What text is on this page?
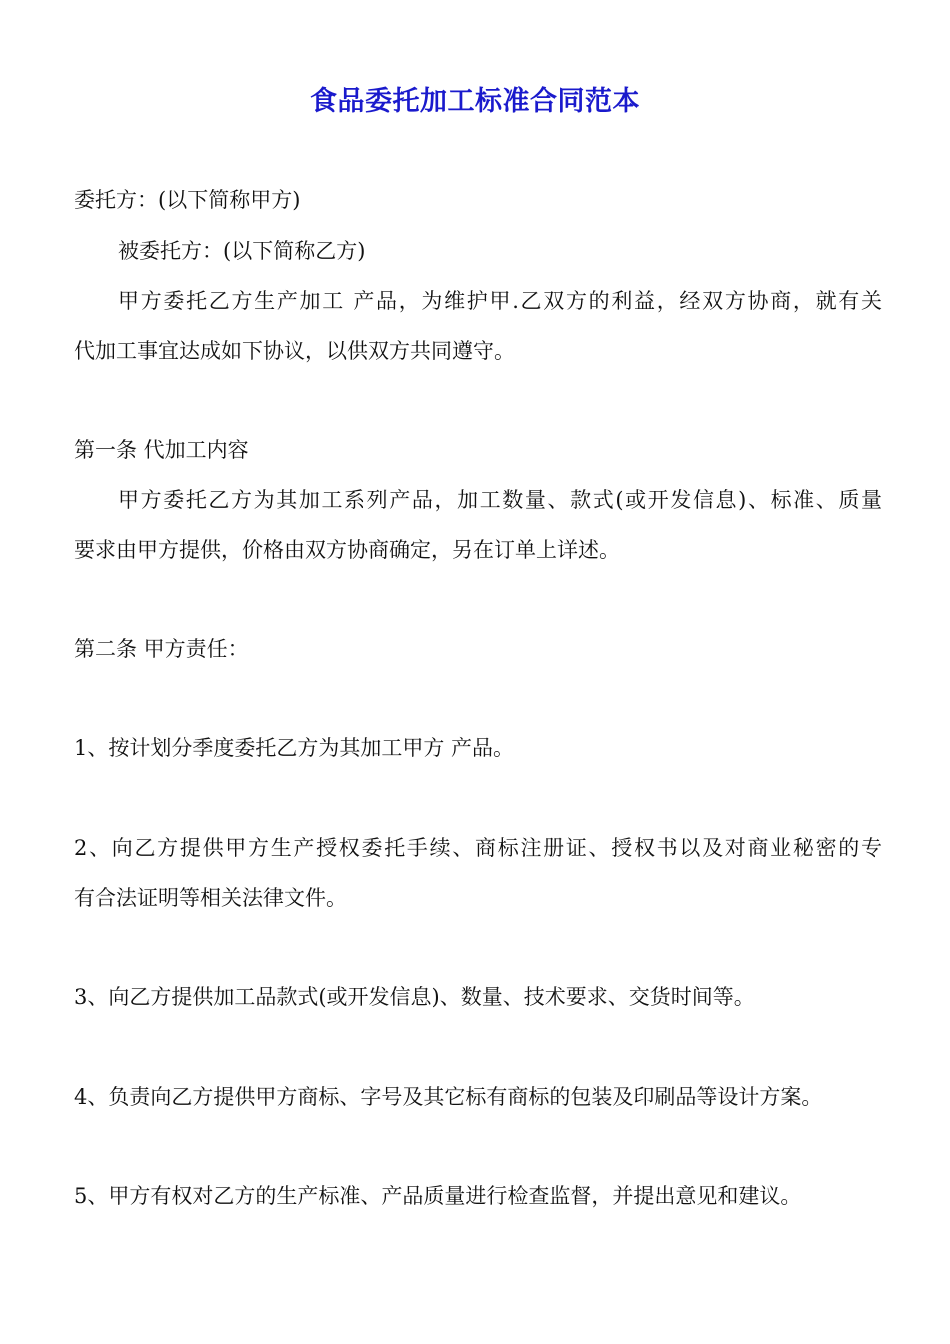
食品委托加工标准合同范本
委托方：(以下简称甲方)
被委托方：(以下简称乙方)
甲方委托乙方生产加工 产品，为维护甲.乙双方的利益，经双方协商，就有关
代加工事宜达成如下协议，以供双方共同遵守。
第一条 代加工内容
甲方委托乙方为其加工系列产品，加工数量、款式(或开发信息)、标准、质量
要求由甲方提供，价格由双方协商确定，另在订单上详述。
第二条 甲方责任：
1、按计划分季度委托乙方为其加工甲方 产品。
2、向乙方提供甲方生产授权委托手续、商标注册证、授权书以及对商业秘密的专
有合法证明等相关法律文件。
3、向乙方提供加工品款式(或开发信息)、数量、技术要求、交货时间等。
4、负责向乙方提供甲方商标、字号及其它标有商标的包装及印刷品等设计方案。
5、甲方有权对乙方的生产标准、产品质量进行检查监督，并提出意见和建议。
